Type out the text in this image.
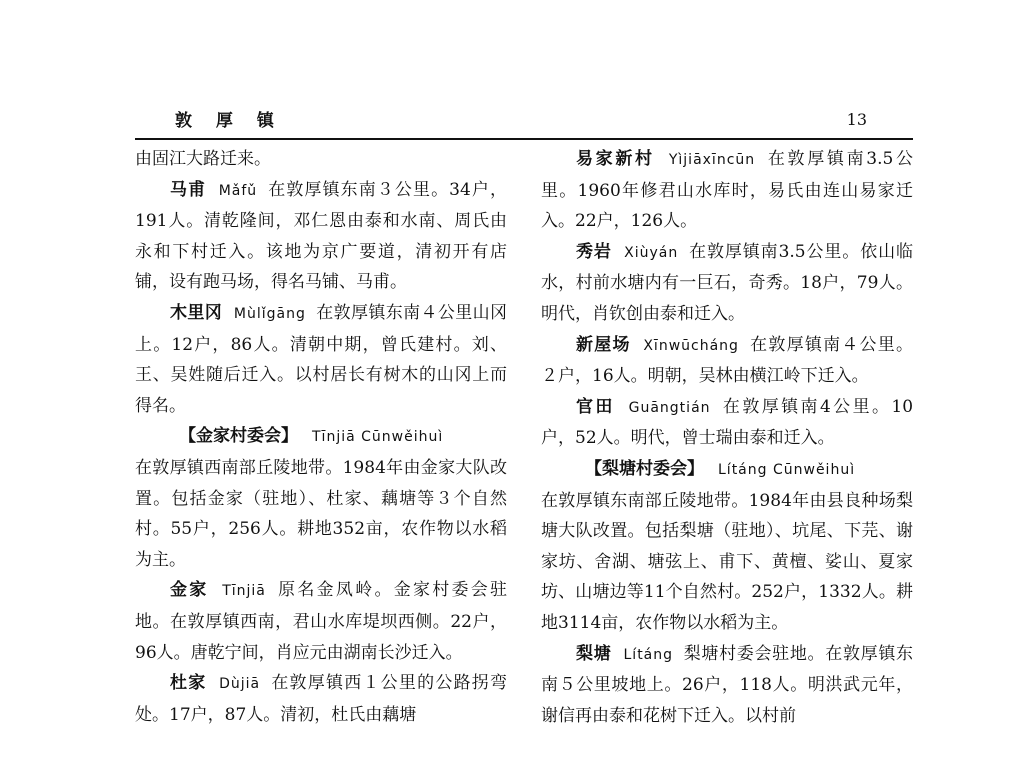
敦 厚 镇	13

由固江大路迁来。

马甫 Mǎfǔ 在敦厚镇东南３公里。34户，191人。清乾隆间，邓仁恩由泰和水南、周氏由永和下村迁入。该地为京广要道，清初开有店铺，设有跑马场，得名马铺、马甫。

木里冈 Mùlǐgāng 在敦厚镇东南４公里山冈上。12户，86人。清朝中期，曾氏建村。刘、王、吴姓随后迁入。以村居长有树木的山冈上而得名。

【金家村委会】 Tīnjiā Cūnwěihuì

在敦厚镇西南部丘陵地带。1984年由金家大队改置。包括金家（驻地）、杜家、藕塘等３个自然村。55户，256人。耕地352亩，农作物以水稻为主。

金家 Tīnjiā 原名金凤岭。金家村委会驻地。在敦厚镇西南，君山水库堤坝西侧。22户，96人。唐乾宁间，肖应元由湖南长沙迁入。

杜家 Dùjiā 在敦厚镇西１公里的公路拐弯处。17户，87人。清初，杜氏由藕塘

易家新村 Yìjiāxīncūn 在敦厚镇南3.5公里。1960年修君山水库时，易氏由连山易家迁入。22户，126人。

秀岩 Xiùyán 在敦厚镇南3.5公里。依山临水，村前水塘内有一巨石，奇秀。18户，79人。明代，肖钦创由泰和迁入。

新屋场 Xīnwūcháng 在敦厚镇南４公里。２户，16人。明朝，吴林由横江岭下迁入。

官田 Guāngtián 在敦厚镇南4公里。10户，52人。明代，曾士瑞由泰和迁入。

【梨塘村委会】 Lítáng Cūnwěihuì

在敦厚镇东南部丘陵地带。1984年由县良种场梨塘大队改置。包括梨塘（驻地）、坑尾、下芫、谢家坊、舍湖、塘弦上、甫下、黄檀、娑山、夏家坊、山塘边等11个自然村。252户，1332人。耕地3114亩，农作物以水稻为主。

梨塘 Lítáng 梨塘村委会驻地。在敦厚镇东南５公里坡地上。26户，118人。明洪武元年，谢信再由泰和花树下迁入。以村前
